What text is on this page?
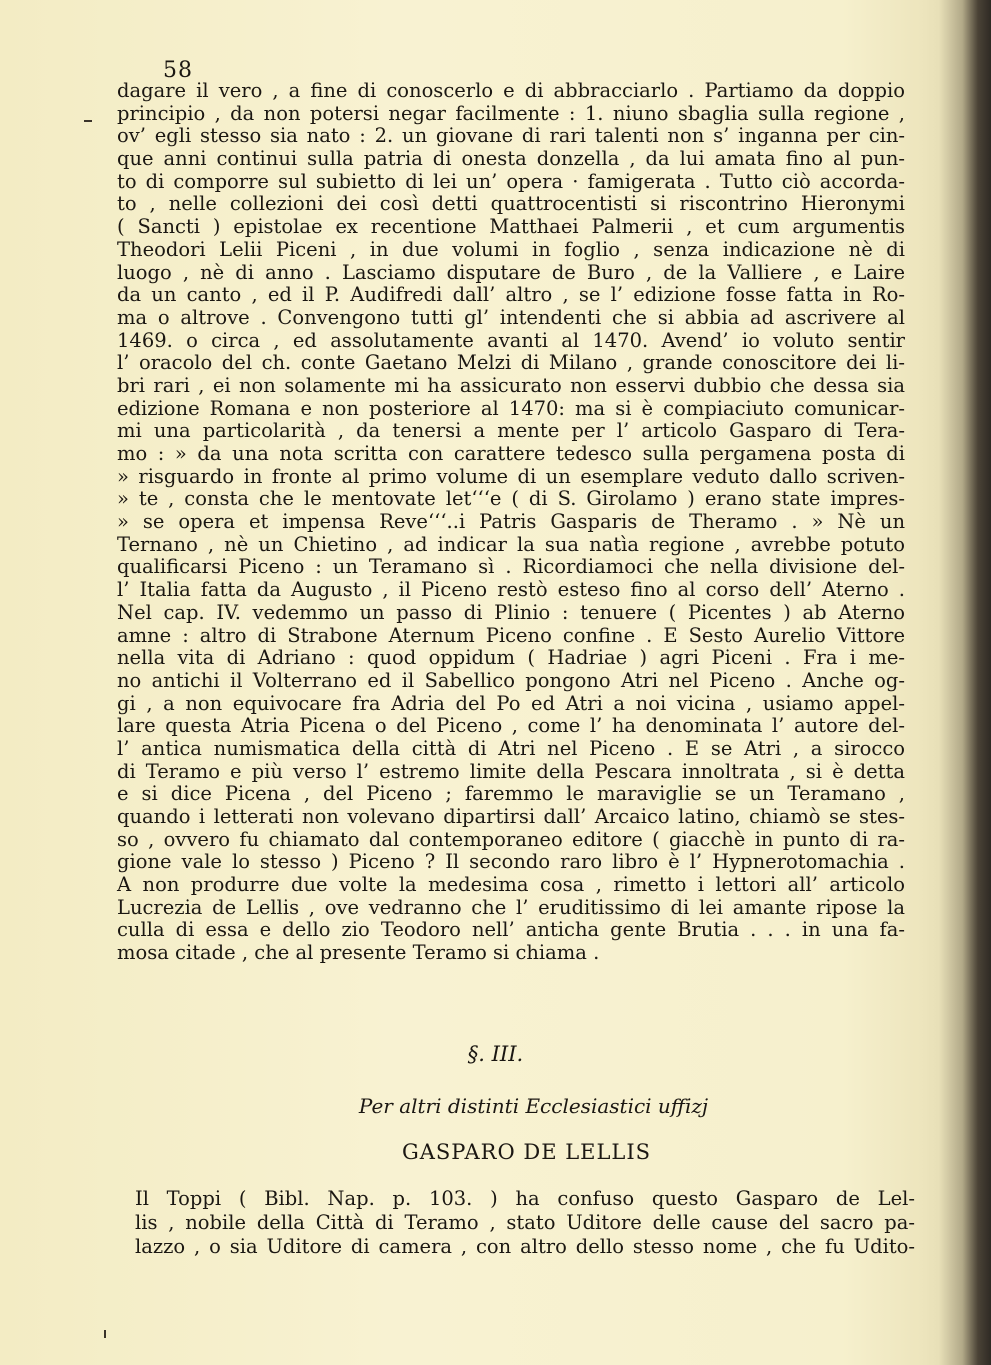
58
dagare il vero , a fine di conoscerlo e di abbracciarlo . Partiamo da doppio
principio , da non potersi negar facilmente : 1. niuno sbaglia sulla regione ,
ov’ egli stesso sia nato : 2. un giovane di rari talenti non s’ inganna per cin-
que anni continui sulla patria di onesta donzella , da lui amata fino al pun-
to di comporre sul subietto di lei un’ opera · famigerata . Tutto ciò accorda-
to , nelle collezioni dei così detti quattrocentisti si riscontrino Hieronymi
( Sancti ) epistolae ex recentione Matthaei Palmerii , et cum argumentis
Theodori Lelii Piceni , in due volumi in foglio , senza indicazione nè di
luogo , nè di anno . Lasciamo disputare de Buro , de la Valliere , e Laire
da un canto , ed il P. Audifredi dall’ altro , se l’ edizione fosse fatta in Ro-
ma o altrove . Convengono tutti gl’ intendenti che si abbia ad ascrivere al
1469. o circa , ed assolutamente avanti al 1470. Avend’ io voluto sentir
l’ oracolo del ch. conte Gaetano Melzi di Milano , grande conoscitore dei li-
bri rari , ei non solamente mi ha assicurato non esservi dubbio che dessa sia
edizione Romana e non posteriore al 1470: ma si è compiaciuto comunicar-
mi una particolarità , da tenersi a mente per l’ articolo Gasparo di Tera-
mo : » da una nota scritta con carattere tedesco sulla pergamena posta di
» risguardo in fronte al primo volume di un esemplare veduto dallo scriven-
» te , consta che le mentovate let‘‘‘e ( di S. Girolamo ) erano state impres-
» se opera et impensa Reve‘‘‘..i Patris Gasparis de Theramo . » Nè un
Ternano , nè un Chietino , ad indicar la sua natìa regione , avrebbe potuto
qualificarsi Piceno : un Teramano sì . Ricordiamoci che nella divisione del-
l’ Italia fatta da Augusto , il Piceno restò esteso fino al corso dell’ Aterno .
Nel cap. IV. vedemmo un passo di Plinio : tenuere ( Picentes ) ab Aterno
amne : altro di Strabone Aternum Piceno confine . E Sesto Aurelio Vittore
nella vita di Adriano : quod oppidum ( Hadriae ) agri Piceni . Fra i me-
no antichi il Volterrano ed il Sabellico pongono Atri nel Piceno . Anche og-
gi , a non equivocare fra Adria del Po ed Atri a noi vicina , usiamo appel-
lare questa Atria Picena o del Piceno , come l’ ha denominata l’ autore del-
l’ antica numismatica della città di Atri nel Piceno . E se Atri , a sirocco
di Teramo e più verso l’ estremo limite della Pescara innoltrata , si è detta
e si dice Picena , del Piceno ; faremmo le maraviglie se un Teramano ,
quando i letterati non volevano dipartirsi dall’ Arcaico latino, chiamò se stes-
so , ovvero fu chiamato dal contemporaneo editore ( giacchè in punto di ra-
gione vale lo stesso ) Piceno ? Il secondo raro libro è l’ Hypnerotomachia .
A non produrre due volte la medesima cosa , rimetto i lettori all’ articolo
Lucrezia de Lellis , ove vedranno che l’ eruditissimo di lei amante ripose la
culla di essa e dello zio Teodoro nell’ anticha gente Brutia . . . in una fa-
mosa citade , che al presente Teramo si chiama .
§. III.
Per altri distinti Ecclesiastici uffizj
GASPARO DE LELLIS
Il Toppi ( Bibl. Nap. p. 103. ) ha confuso questo Gasparo de Lel-
lis , nobile della Città di Teramo , stato Uditore delle cause del sacro pa-
lazzo , o sia Uditore di camera , con altro dello stesso nome , che fu Udito-
